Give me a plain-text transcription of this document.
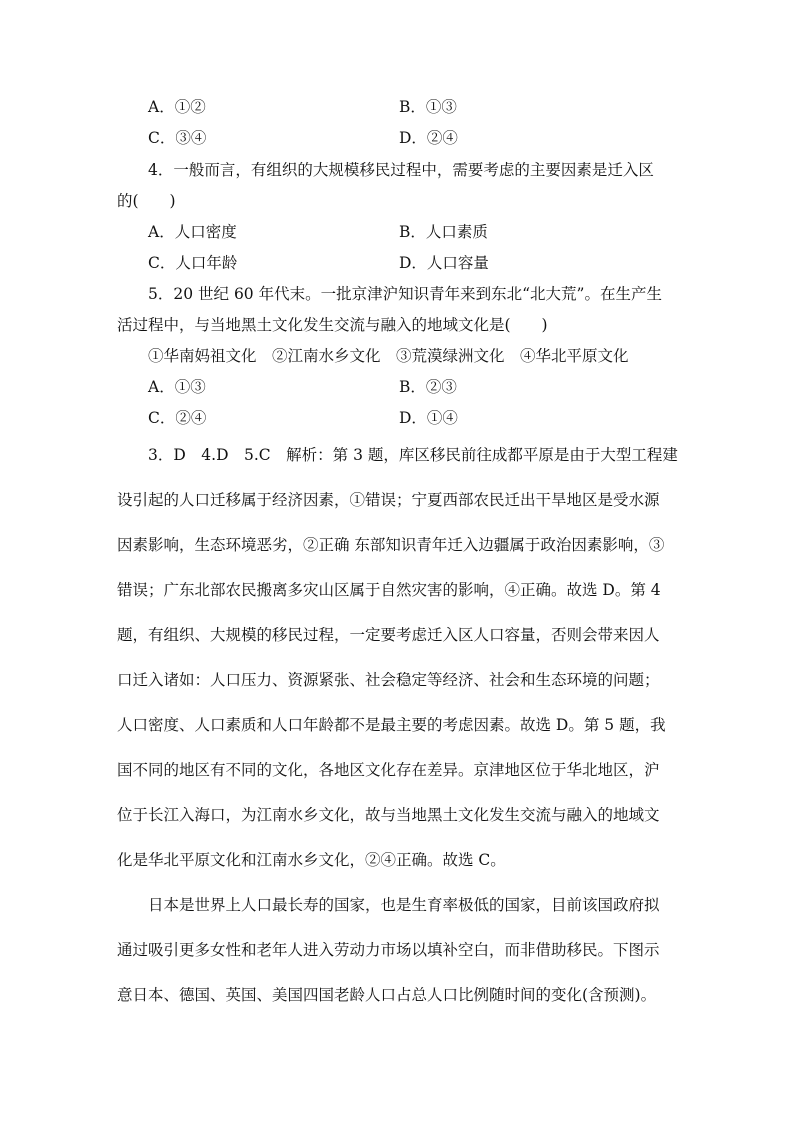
A．①②	B．①③
C．③④	D．②④
4．一般而言，有组织的大规模移民过程中，需要考虑的主要因素是迁入区
的(　　)
A．人口密度	B．人口素质
C．人口年龄	D．人口容量
5．20 世纪 60 年代末。一批京津沪知识青年来到东北“北大荒”。在生产生
活过程中，与当地黑土文化发生交流与融入的地域文化是(　　)
①华南妈祖文化　②江南水乡文化　③荒漠绿洲文化　④华北平原文化
A．①③	B．②③
C．②④	D．①④
3．D　4.D　5.C　解析：第 3 题，库区移民前往成都平原是由于大型工程建
设引起的人口迁移属于经济因素，①错误；宁夏西部农民迁出干旱地区是受水源
因素影响，生态环境恶劣，②正确 东部知识青年迁入边疆属于政治因素影响，③
错误；广东北部农民搬离多灾山区属于自然灾害的影响，④正确。故选 D。第 4
题，有组织、大规模的移民过程，一定要考虑迁入区人口容量，否则会带来因人
口迁入诸如：人口压力、资源紧张、社会稳定等经济、社会和生态环境的问题；
人口密度、人口素质和人口年龄都不是最主要的考虑因素。故选 D。第 5 题，我
国不同的地区有不同的文化，各地区文化存在差异。京津地区位于华北地区，沪
位于长江入海口，为江南水乡文化，故与当地黑土文化发生交流与融入的地域文
化是华北平原文化和江南水乡文化，②④正确。故选 C。
日本是世界上人口最长寿的国家，也是生育率极低的国家，目前该国政府拟
通过吸引更多女性和老年人进入劳动力市场以填补空白，而非借助移民。下图示
意日本、德国、英国、美国四国老龄人口占总人口比例随时间的变化(含预测)。
